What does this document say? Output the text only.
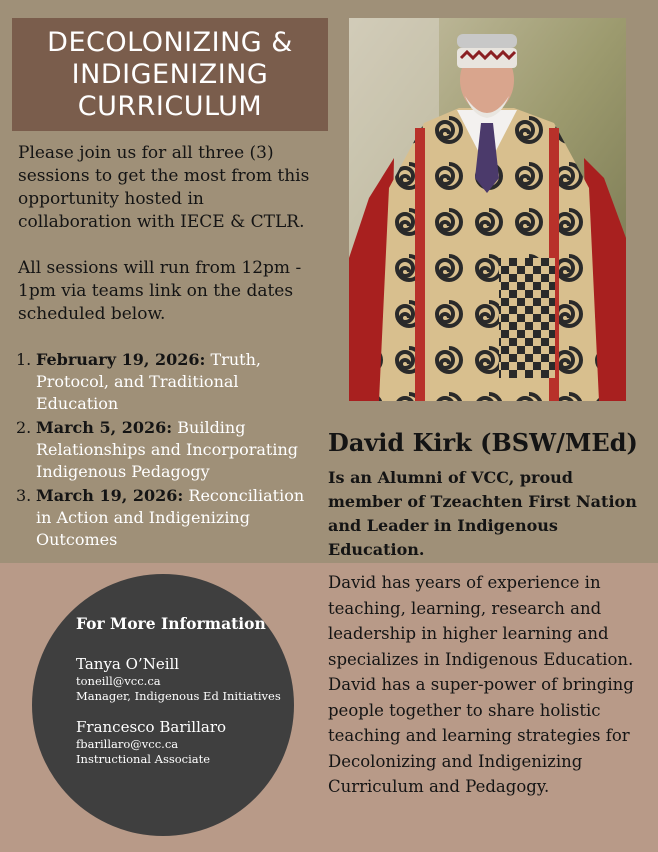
DECOLONIZING &
INDIGENIZING
CURRICULUM

Please join us for all three (3) sessions to get the most from this opportunity hosted in collaboration with IECE & CTLR.

All sessions will run from 12pm - 1pm via teams link on the dates scheduled below.

1. February 19, 2026: Truth, Protocol, and Traditional Education
2. March 5, 2026: Building Relationships and Incorporating Indigenous Pedagogy
3. March 19, 2026: Reconciliation in Action and Indigenizing Outcomes
David Kirk (BSW/MEd)
Is an Alumni of VCC, proud member of Tzeachten First Nation and Leader in Indigenous Education.
David has years of experience in teaching, learning, research and leadership in higher learning and specializes in Indigenous Education. David has a super-power of bringing people together to share holistic teaching and learning strategies for Decolonizing and Indigenizing Curriculum and Pedagogy.
For More Information
Tanya O’Neill
toneill@vcc.ca
Manager, Indigenous Ed Initiatives
Francesco Barillaro
fbarillaro@vcc.ca
Instructional Associate
